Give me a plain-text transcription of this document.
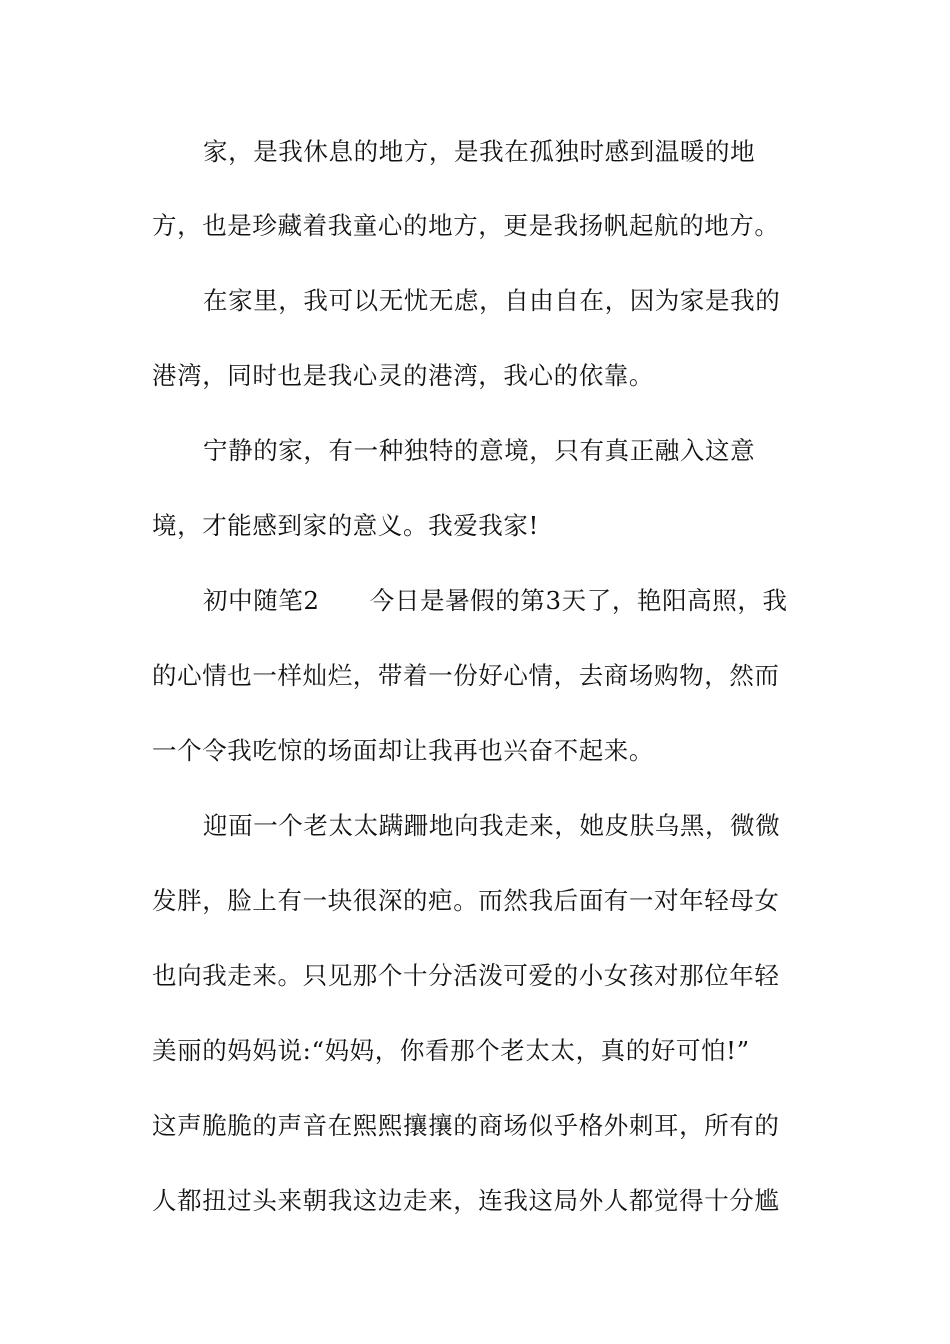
家，是我休息的地方，是我在孤独时感到温暖的地
方，也是珍藏着我童心的地方，更是我扬帆起航的地方。
在家里，我可以无忧无虑，自由自在，因为家是我的
港湾，同时也是我心灵的港湾，我心的依靠。
宁静的家，有一种独特的意境，只有真正融入这意
境，才能感到家的意义。我爱我家!
初中随笔2　　今日是暑假的第3天了，艳阳高照，我
的心情也一样灿烂，带着一份好心情，去商场购物，然而
一个令我吃惊的场面却让我再也兴奋不起来。
迎面一个老太太蹒跚地向我走来，她皮肤乌黑，微微
发胖，脸上有一块很深的疤。而然我后面有一对年轻母女
也向我走来。只见那个十分活泼可爱的小女孩对那位年轻
美丽的妈妈说:“妈妈，你看那个老太太，真的好可怕!”
这声脆脆的声音在熙熙攘攘的商场似乎格外刺耳，所有的
人都扭过头来朝我这边走来，连我这局外人都觉得十分尴
